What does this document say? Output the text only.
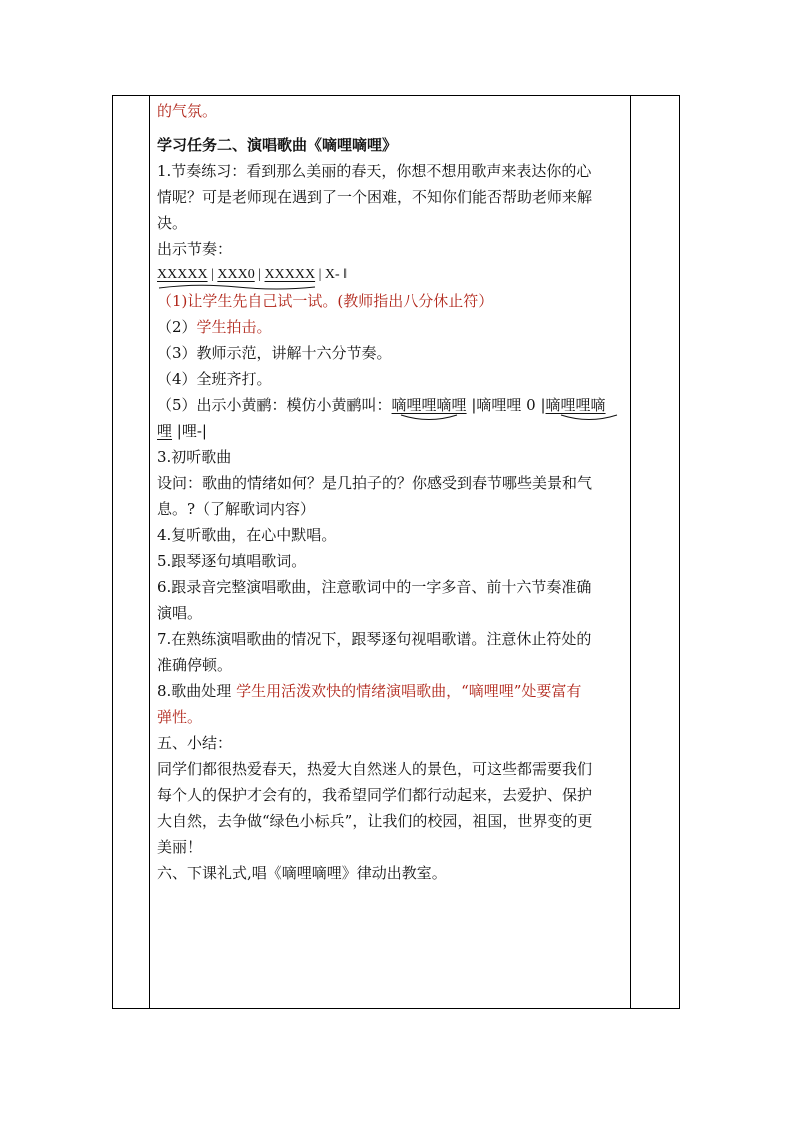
的气氛。
学习任务二、演唱歌曲《嘀哩嘀哩》
1.节奏练习：看到那么美丽的春天，你想不想用歌声来表达你的心
情呢？可是老师现在遇到了一个困难，不知你们能否帮助老师来解
决。
出示节奏：
XXXXX | XXX0 | XXXXX | X- ‖
（1)让学生先自己试一试。(教师指出八分休止符）
（2）学生拍击。
（3）教师示范，讲解十六分节奏。
（4）全班齐打。
（5）出示小黄鹂：模仿小黄鹂叫：嘀哩哩嘀哩 |嘀哩哩 0 |嘀哩哩嘀
哩 |哩-|
3.初听歌曲
设问：歌曲的情绪如何？是几拍子的？你感受到春节哪些美景和气
息。?（了解歌词内容）
4.复听歌曲，在心中默唱。
5.跟琴逐句填唱歌词。
6.跟录音完整演唱歌曲，注意歌词中的一字多音、前十六节奏准确
演唱。
7.在熟练演唱歌曲的情况下，跟琴逐句视唱歌谱。注意休止符处的
准确停顿。
8.歌曲处理 学生用活泼欢快的情绪演唱歌曲，“嘀哩哩”处要富有
弹性。
五、小结：
同学们都很热爱春天，热爱大自然迷人的景色，可这些都需要我们
每个人的保护才会有的，我希望同学们都行动起来，去爱护、保护
大自然，去争做“绿色小标兵”，让我们的校园，祖国，世界变的更
美丽！
六、下课礼式,唱《嘀哩嘀哩》律动出教室。
